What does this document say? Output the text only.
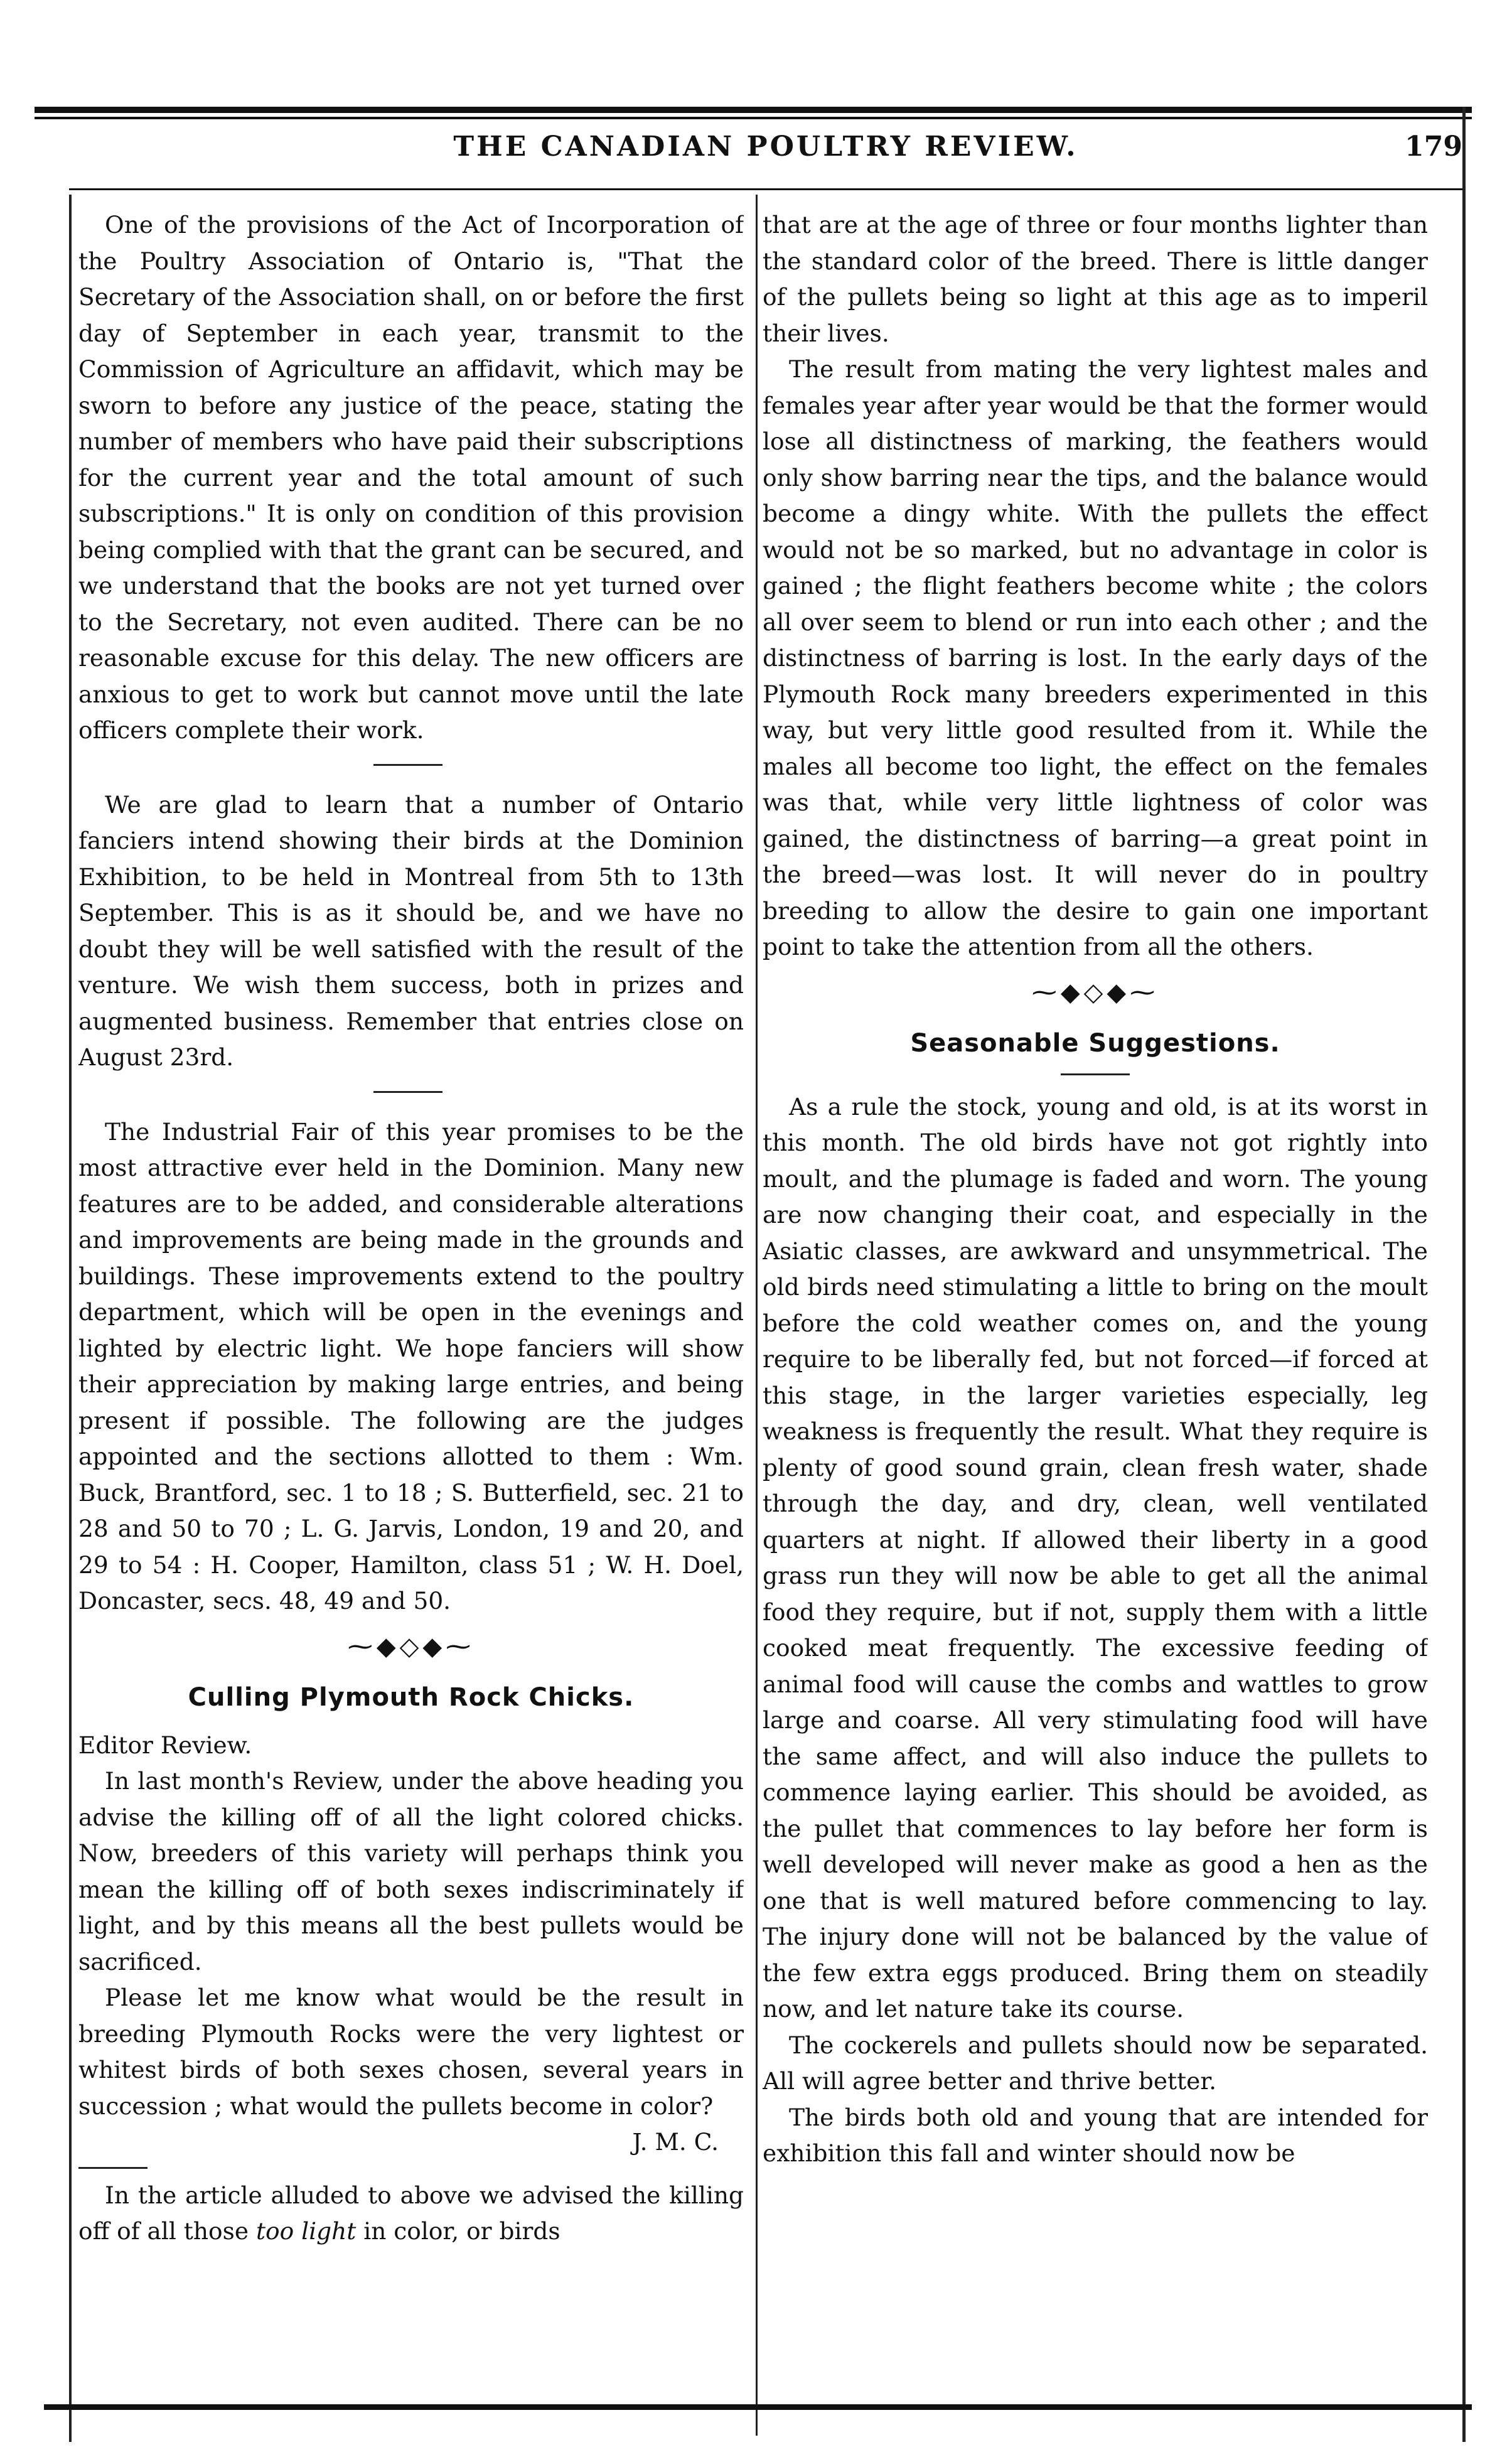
THE CANADIAN POULTRY REVIEW.	179

One of the provisions of the Act of Incorporation of the Poultry Association of Ontario is, "That the Secretary of the Association shall, on or before the first day of September in each year, transmit to the Commission of Agriculture an affidavit, which may be sworn to before any justice of the peace, stating the number of members who have paid their subscriptions for the current year and the total amount of such subscriptions." It is only on condition of this provision being complied with that the grant can be secured, and we understand that the books are not yet turned over to the Secretary, not even audited. There can be no reasonable excuse for this delay. The new officers are anxious to get to work but cannot move until the late officers complete their work.

We are glad to learn that a number of Ontario fanciers intend showing their birds at the Dominion Exhibition, to be held in Montreal from 5th to 13th September. This is as it should be, and we have no doubt they will be well satisfied with the result of the venture. We wish them success, both in prizes and augmented business. Remember that entries close on August 23rd.

The Industrial Fair of this year promises to be the most attractive ever held in the Dominion. Many new features are to be added, and considerable alterations and improvements are being made in the grounds and buildings. These improvements extend to the poultry department, which will be open in the evenings and lighted by electric light. We hope fanciers will show their appreciation by making large entries, and being present if possible. The following are the judges appointed and the sections allotted to them : Wm. Buck, Brantford, sec. 1 to 18 ; S. Butterfield, sec. 21 to 28 and 50 to 70 ; L. G. Jarvis, London, 19 and 20, and 29 to 54 : H. Cooper, Hamilton, class 51 ; W. H. Doel, Doncaster, secs. 48, 49 and 50.

⁓◆◇◆⁓
Culling Plymouth Rock Chicks.

Editor Review.

In last month's Review, under the above heading you advise the killing off of all the light colored chicks. Now, breeders of this variety will perhaps think you mean the killing off of both sexes indiscriminately if light, and by this means all the best pullets would be sacrificed.

Please let me know what would be the result in breeding Plymouth Rocks were the very lightest or whitest birds of both sexes chosen, several years in succession ; what would the pullets become in color?

J. M. C.

In the article alluded to above we advised the killing off of all those too light in color, or birds

that are at the age of three or four months lighter than the standard color of the breed. There is little danger of the pullets being so light at this age as to imperil their lives.

The result from mating the very lightest males and females year after year would be that the former would lose all distinctness of marking, the feathers would only show barring near the tips, and the balance would become a dingy white. With the pullets the effect would not be so marked, but no advantage in color is gained ; the flight feathers become white ; the colors all over seem to blend or run into each other ; and the distinctness of barring is lost. In the early days of the Plymouth Rock many breeders experimented in this way, but very little good resulted from it. While the males all become too light, the effect on the females was that, while very little lightness of color was gained, the distinctness of barring—a great point in the breed—was lost. It will never do in poultry breeding to allow the desire to gain one important point to take the attention from all the others.

⁓◆◇◆⁓
Seasonable Suggestions.

As a rule the stock, young and old, is at its worst in this month. The old birds have not got rightly into moult, and the plumage is faded and worn. The young are now changing their coat, and especially in the Asiatic classes, are awkward and unsymmetrical. The old birds need stimulating a little to bring on the moult before the cold weather comes on, and the young require to be liberally fed, but not forced—if forced at this stage, in the larger varieties especially, leg weakness is frequently the result. What they require is plenty of good sound grain, clean fresh water, shade through the day, and dry, clean, well ventilated quarters at night. If allowed their liberty in a good grass run they will now be able to get all the animal food they require, but if not, supply them with a little cooked meat frequently. The excessive feeding of animal food will cause the combs and wattles to grow large and coarse. All very stimulating food will have the same affect, and will also induce the pullets to commence laying earlier. This should be avoided, as the pullet that commences to lay before her form is well developed will never make as good a hen as the one that is well matured before commencing to lay. The injury done will not be balanced by the value of the few extra eggs produced. Bring them on steadily now, and let nature take its course.

The cockerels and pullets should now be separated. All will agree better and thrive better.

The birds both old and young that are intended for exhibition this fall and winter should now be
